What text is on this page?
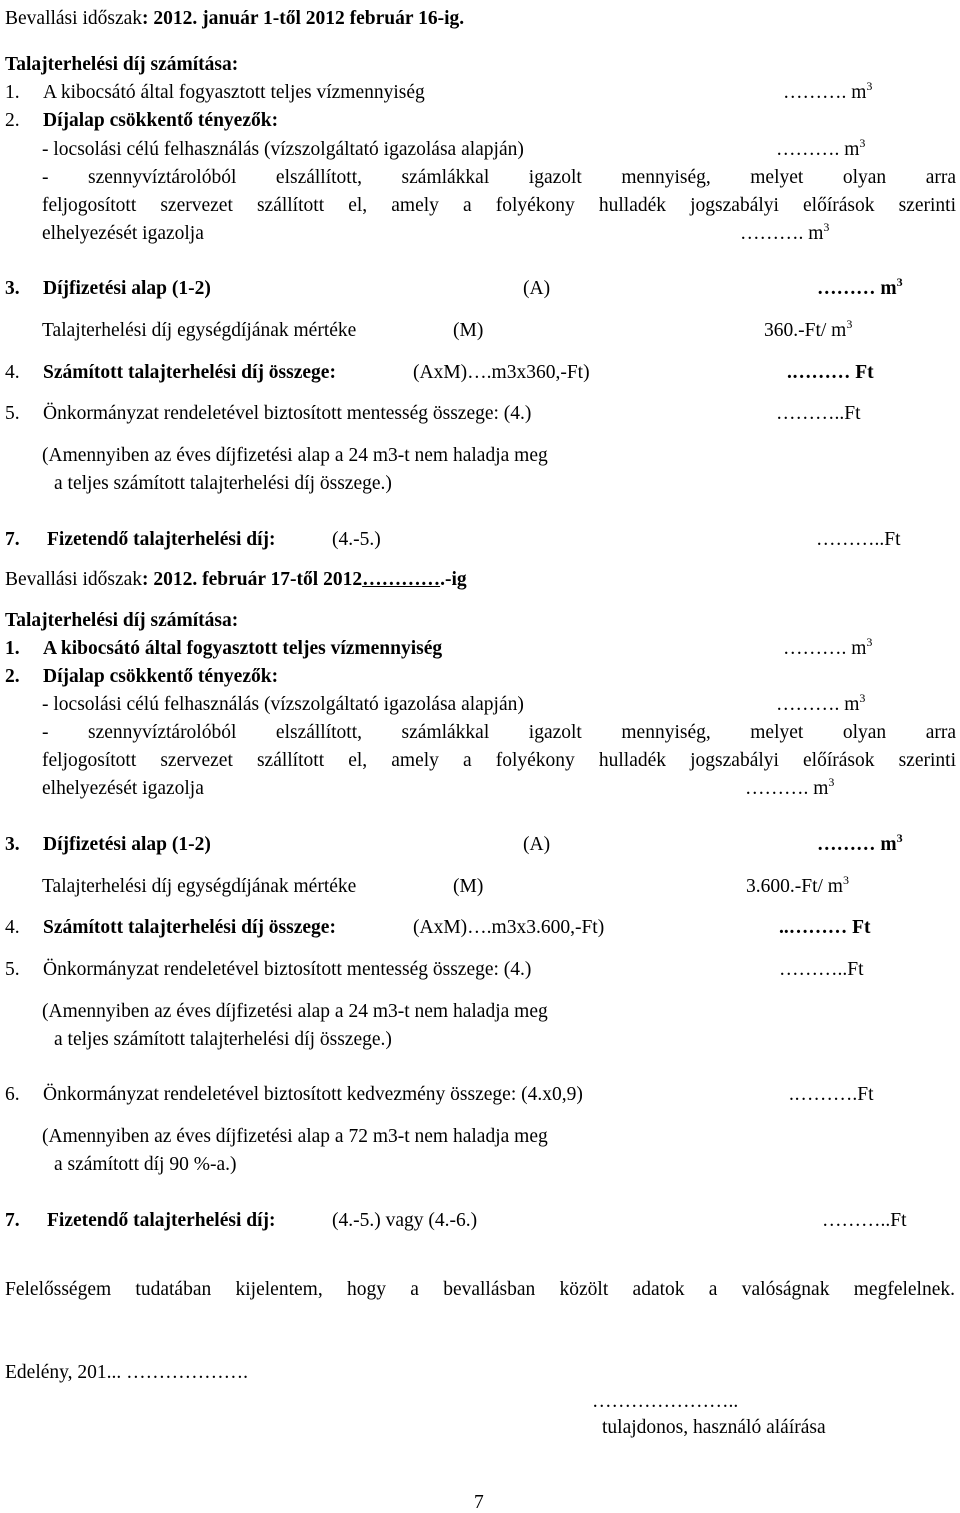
Bevallási időszak: 2012. január 1-től 2012 február 16-ig.
Talajterhelési díj számítása:
1. A kibocsátó által fogyasztott teljes vízmennyiség	………. $m^3$
2. Díjalap csökkentő tényezők:
- locsolási célú felhasználás (vízszolgáltató igazolása alapján)	………. $m^3$
- szennyvíztárolóból elszállított, számlákkal igazolt mennyiség, melyet olyan arra
feljogosított szervezet szállított el, amely a folyékony hulladék jogszabályi előírások szerinti
elhelyezését igazolja	………. $m^3$
3. Díjfizetési alap (1-2)	(A)	……… $m^3$
Talajterhelési díj egységdíjának mértéke	(M)	360.-Ft/ $m^3$
4. Számított talajterhelési díj összege:	(AxM)….m3x360,-Ft)	.……… Ft
5. Önkormányzat rendeletével biztosított mentesség összege: (4.)	………..Ft
(Amennyiben az éves díjfizetési alap a 24 m3-t nem haladja meg
a teljes számított talajterhelési díj összege.)
7. Fizetendő talajterhelési díj:	(4.-5.)	………..Ft
Bevallási időszak: 2012. február 17-től 2012………….-ig
Talajterhelési díj számítása:
1. A kibocsátó által fogyasztott teljes vízmennyiség	………. $m^3$
2. Díjalap csökkentő tényezők:
- locsolási célú felhasználás (vízszolgáltató igazolása alapján)	………. $m^3$
- szennyvíztárolóból elszállított, számlákkal igazolt mennyiség, melyet olyan arra
feljogosított szervezet szállított el, amely a folyékony hulladék jogszabályi előírások szerinti
elhelyezését igazolja	………. $m^3$
3. Díjfizetési alap (1-2)	(A)	……… $m^3$
Talajterhelési díj egységdíjának mértéke	(M)	3.600.-Ft/ $m^3$
4. Számított talajterhelési díj összege:	(AxM)….m3x3.600,-Ft)	..……… Ft
5. Önkormányzat rendeletével biztosított mentesség összege: (4.)	………..Ft
(Amennyiben az éves díjfizetési alap a 24 m3-t nem haladja meg
a teljes számított talajterhelési díj összege.)
6. Önkormányzat rendeletével biztosított kedvezmény összege: (4.x0,9)	.……….Ft
(Amennyiben az éves díjfizetési alap a 72 m3-t nem haladja meg
a számított díj 90 %-a.)
7. Fizetendő talajterhelési díj:	(4.-5.) vagy (4.-6.)	………..Ft
Felelősségem tudatában kijelentem, hogy a bevallásban közölt adatok a valóságnak megfelelnek.
Edelény, 201... ……………….
…………………..
tulajdonos, használó aláírása
7
